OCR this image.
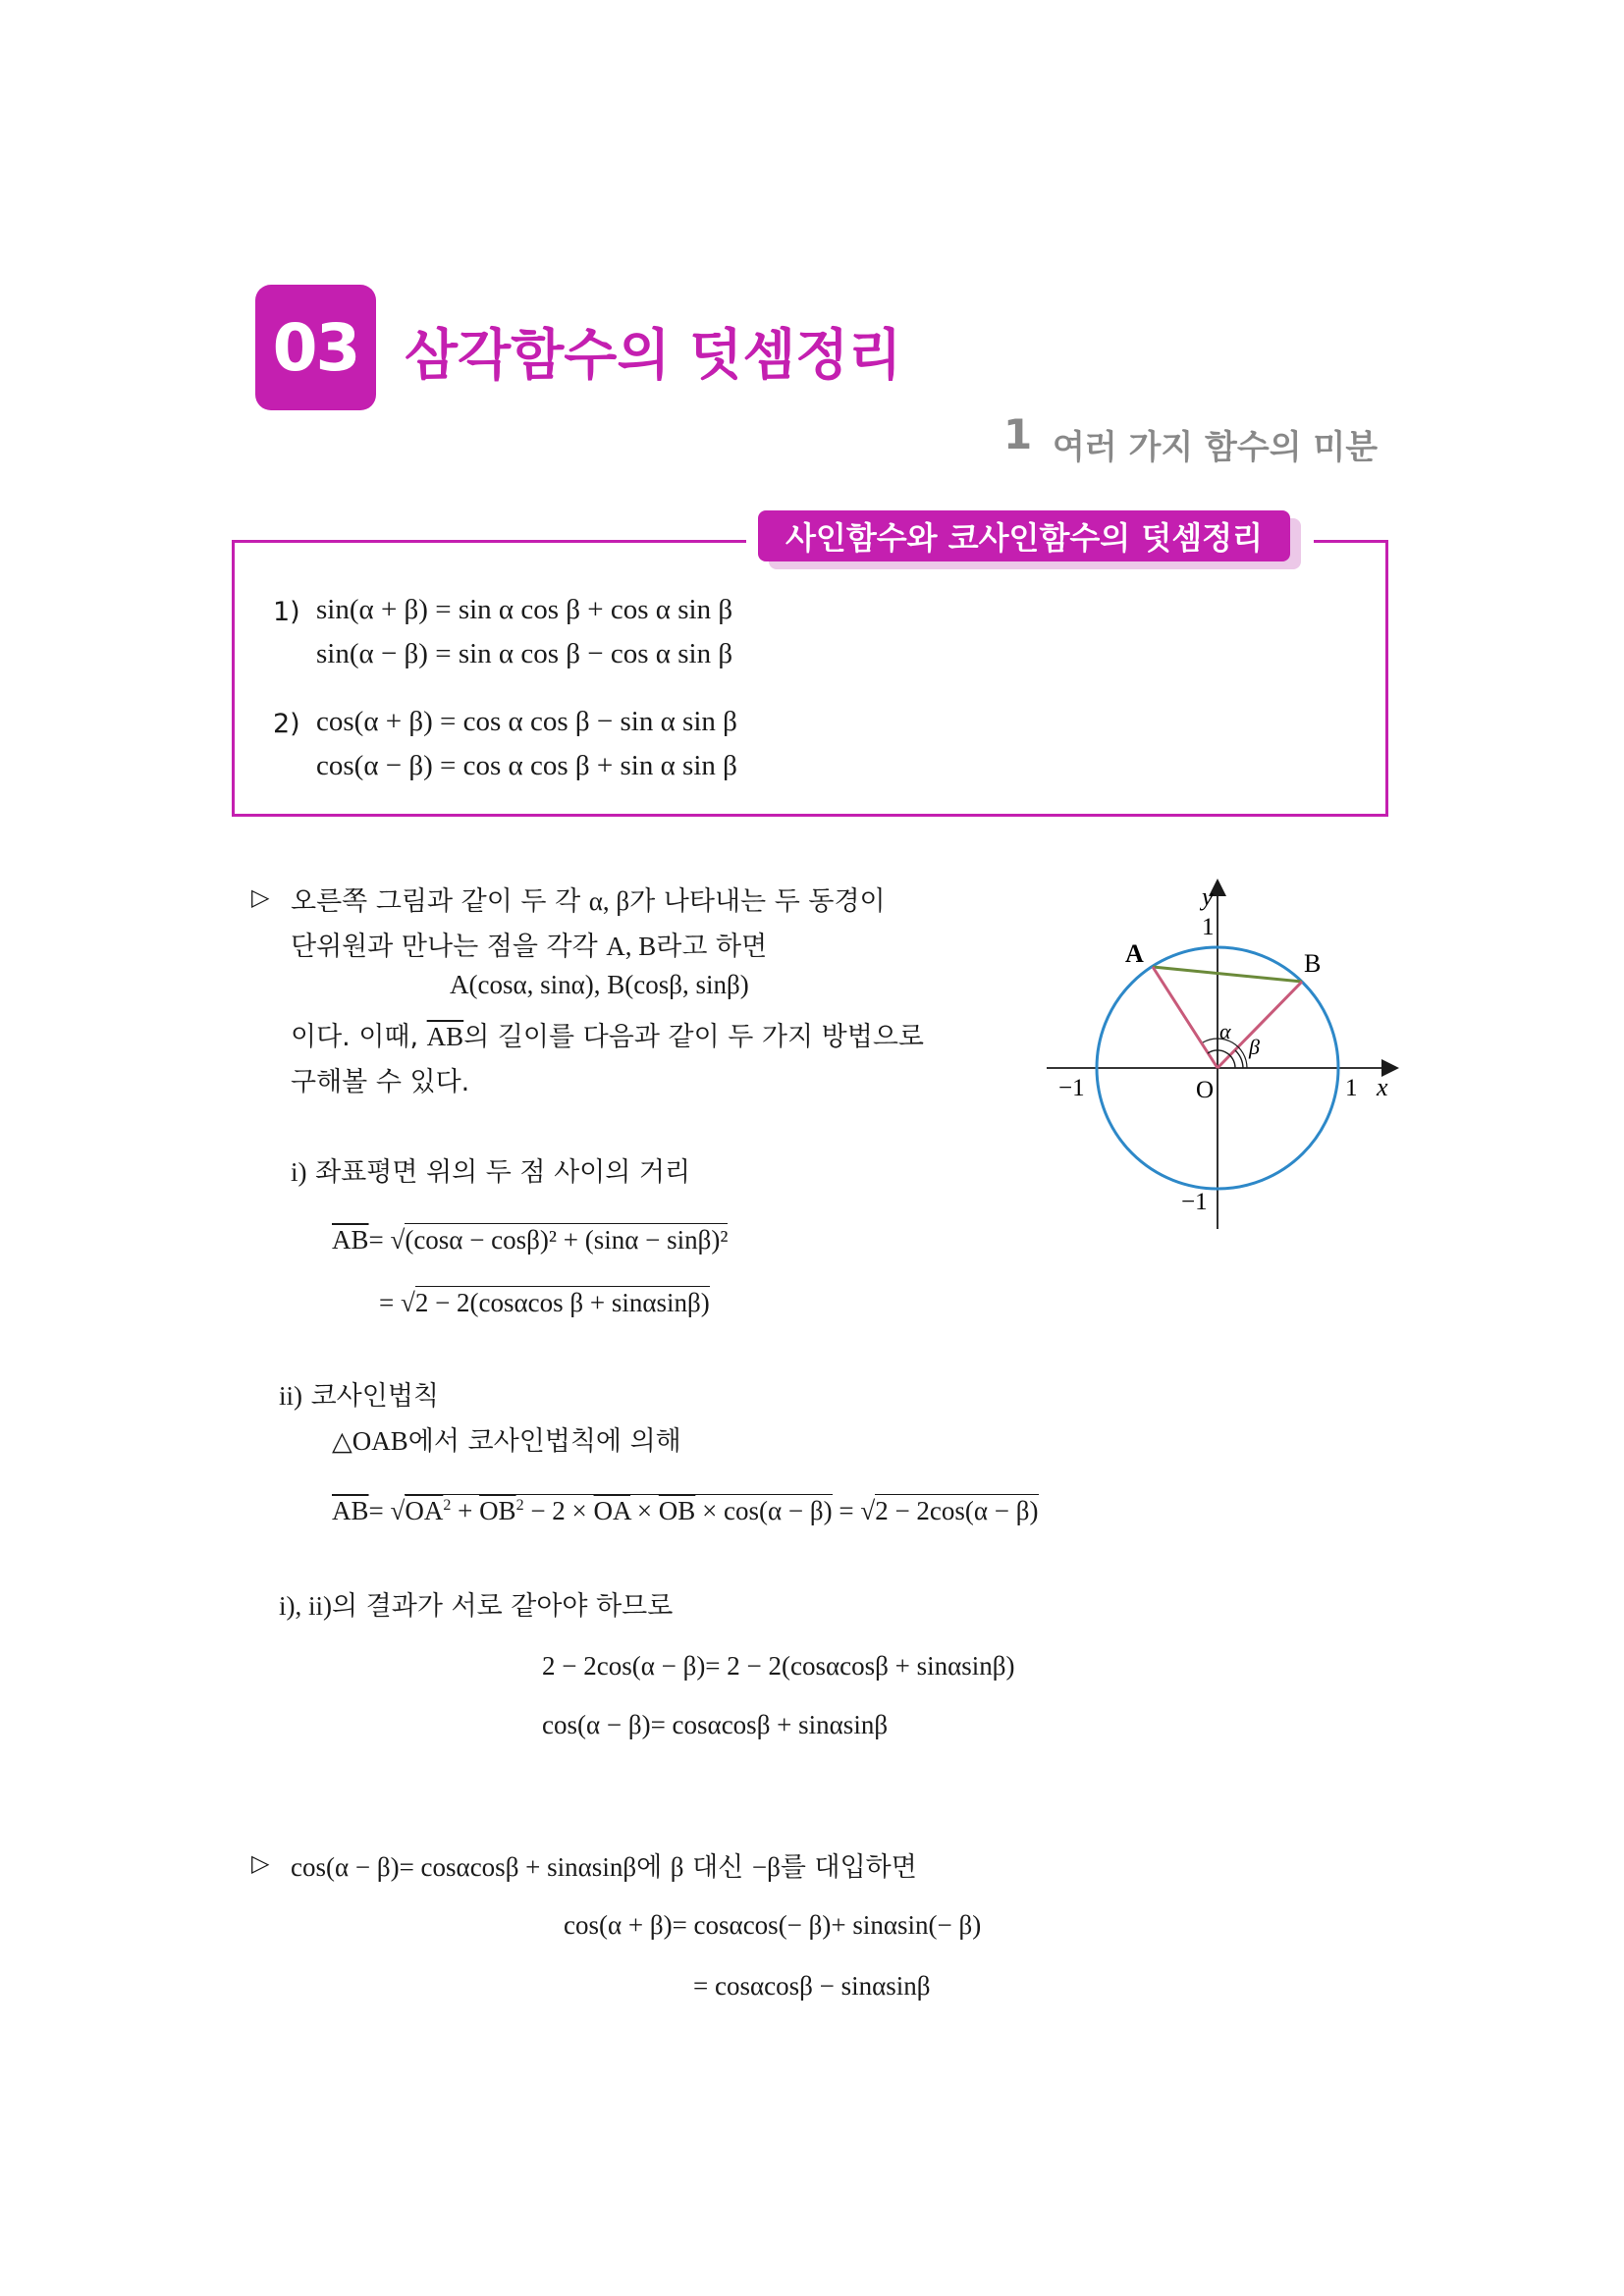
03 삼각함수의 덧셈정리
1 여러 가지 함수의 미분
사인함수와 코사인함수의 덧셈정리
1) sin(α + β) = sin α cos β + cos α sin β
sin(α − β) = sin α cos β − cos α sin β
2) cos(α + β) = cos α cos β − sin α sin β
cos(α − β) = cos α cos β + sin α sin β
▷ 오른쪽 그림과 같이 두 각 α, β가 나타내는 두 동경이
단위원과 만나는 점을 각각 A, B라고 하면
A(cosα, sinα), B(cosβ, sinβ)
이다. 이때, $\overline{AB}$의 길이를 다음과 같이 두 가지 방법으로
구해볼 수 있다.
i) 좌표평면 위의 두 점 사이의 거리
$\overline{AB}= √(\cos\alpha - \cos\beta)^2 + (\sin\alpha - \sin\beta)^2$
= √2 − 2(cosαcos β + sinαsinβ)
ii) 코사인법칙
△OAB에서 코사인법칙에 의해
$\overline{AB}= √OA^2 + \overline{OB}^2 - 2 \times \overline{OA} \times \overline{OB} \times \cos(\alpha - \beta) = √2 - 2\cos(\alpha - \beta)$
i), ii)의 결과가 서로 같아야 하므로
2 − 2cos(α − β)= 2 − 2(cosαcosβ + sinαsinβ)
cos(α − β)= cosαcosβ + sinαsinβ
▷ cos(α − β)= cosαcosβ + sinαsinβ에 β 대신 −β를 대입하면
cos(α + β)= cosαcos(− β)+ sinαsin(− β)
= cosαcosβ − sinαsinβ
y
x
1
−1
−1	1
O
A	B
α
β
